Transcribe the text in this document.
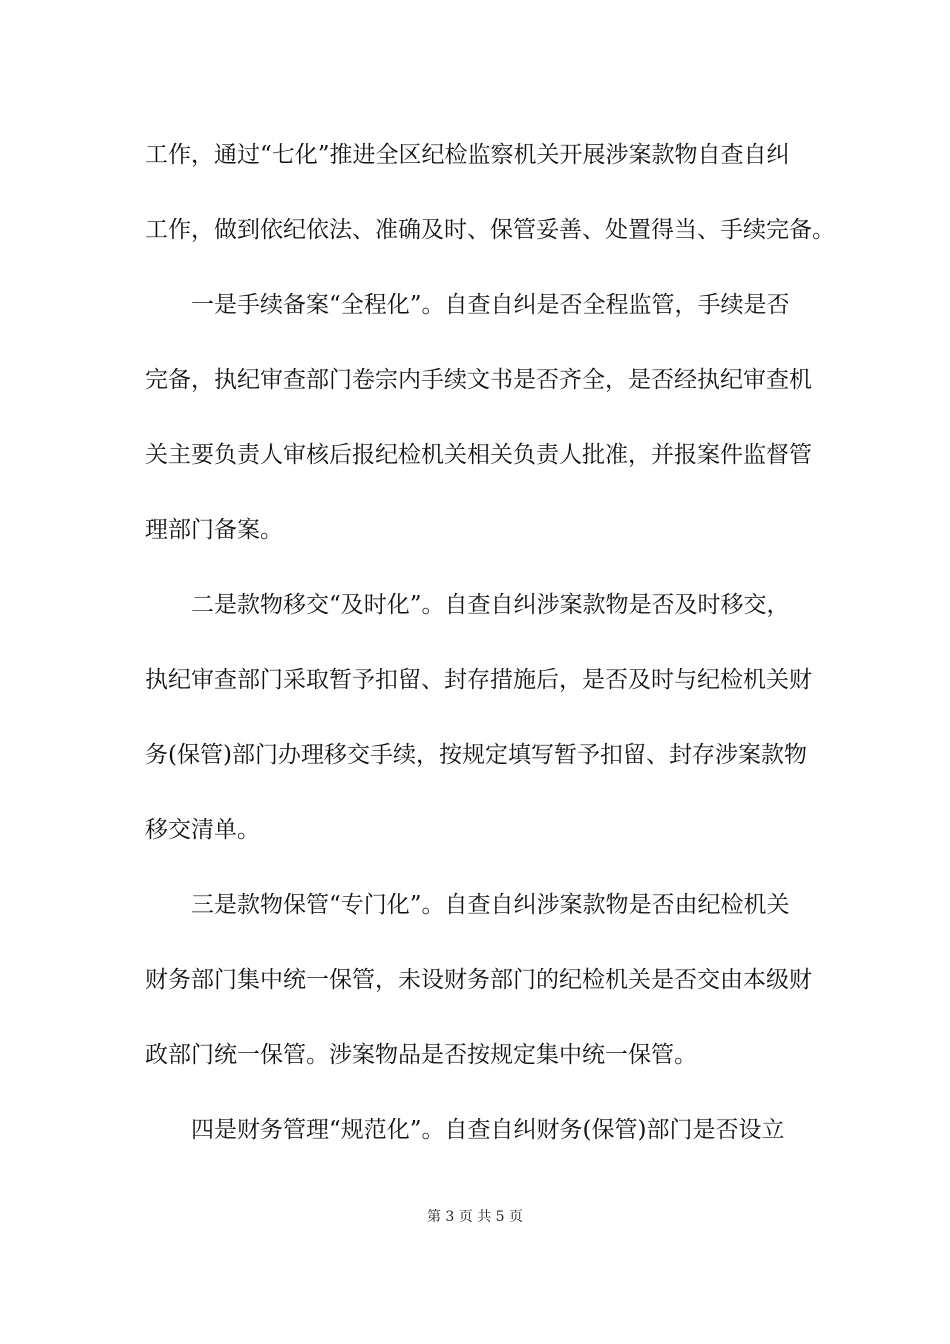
工作，通过“七化”推进全区纪检监察机关开展涉案款物自查自纠
工作，做到依纪依法、准确及时、保管妥善、处置得当、手续完备。
一是手续备案“全程化”。自查自纠是否全程监管，手续是否
完备，执纪审查部门卷宗内手续文书是否齐全，是否经执纪审查机
关主要负责人审核后报纪检机关相关负责人批准，并报案件监督管
理部门备案。
二是款物移交“及时化”。自查自纠涉案款物是否及时移交，
执纪审查部门采取暂予扣留、封存措施后，是否及时与纪检机关财
务(保管)部门办理移交手续，按规定填写暂予扣留、封存涉案款物
移交清单。
三是款物保管“专门化”。自查自纠涉案款物是否由纪检机关
财务部门集中统一保管，未设财务部门的纪检机关是否交由本级财
政部门统一保管。涉案物品是否按规定集中统一保管。
四是财务管理“规范化”。自查自纠财务(保管)部门是否设立
第 3 页 共 5 页
